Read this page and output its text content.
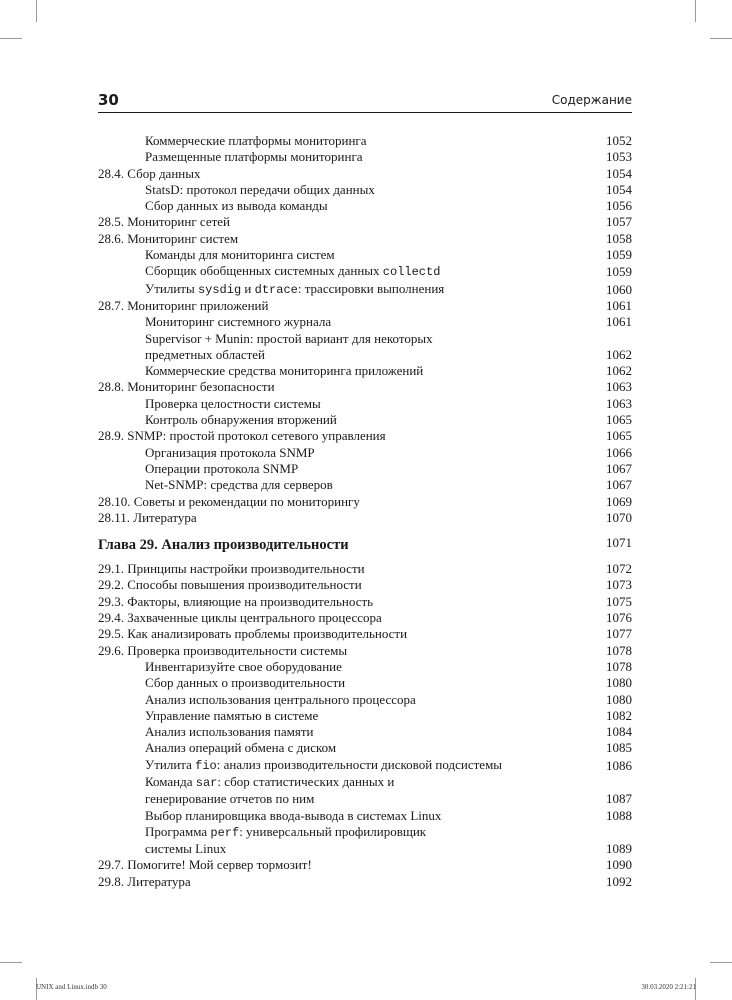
30	Содержание
Коммерческие платформы мониторинга	1052
Размещенные платформы мониторинга	1053
28.4. Сбор данных	1054
StatsD: протокол передачи общих данных	1054
Сбор данных из вывода команды	1056
28.5. Мониторинг сетей	1057
28.6. Мониторинг систем	1058
Команды для мониторинга систем	1059
Сборщик обобщенных системных данных collectd	1059
Утилиты sysdig и dtrace: трассировки выполнения	1060
28.7. Мониторинг приложений	1061
Мониторинг системного журнала	1061
Supervisor + Munin: простой вариант для некоторых предметных областей	1062
Коммерческие средства мониторинга приложений	1062
28.8. Мониторинг безопасности	1063
Проверка целостности системы	1063
Контроль обнаружения вторжений	1065
28.9. SNMP: простой протокол сетевого управления	1065
Организация протокола SNMP	1066
Операции протокола SNMP	1067
Net-SNMP: средства для серверов	1067
28.10. Советы и рекомендации по мониторингу	1069
28.11. Литература	1070
Глава 29. Анализ производительности	1071
29.1. Принципы настройки производительности	1072
29.2. Способы повышения производительности	1073
29.3. Факторы, влияющие на производительность	1075
29.4. Захваченные циклы центрального процессора	1076
29.5. Как анализировать проблемы производительности	1077
29.6. Проверка производительности системы	1078
Инвентаризуйте свое оборудование	1078
Сбор данных о производительности	1080
Анализ использования центрального процессора	1080
Управление памятью в системе	1082
Анализ использования памяти	1084
Анализ операций обмена с диском	1085
Утилита fio: анализ производительности дисковой подсистемы	1086
Команда sar: сбор статистических данных и генерирование отчетов по ним	1087
Выбор планировщика ввода-вывода в системах Linux	1088
Программа perf: универсальный профилировщик системы Linux	1089
29.7. Помогите! Мой сервер тормозит!	1090
29.8. Литература	1092
UNIX and Linux.indb 30	30.03.2020 2:21:21
